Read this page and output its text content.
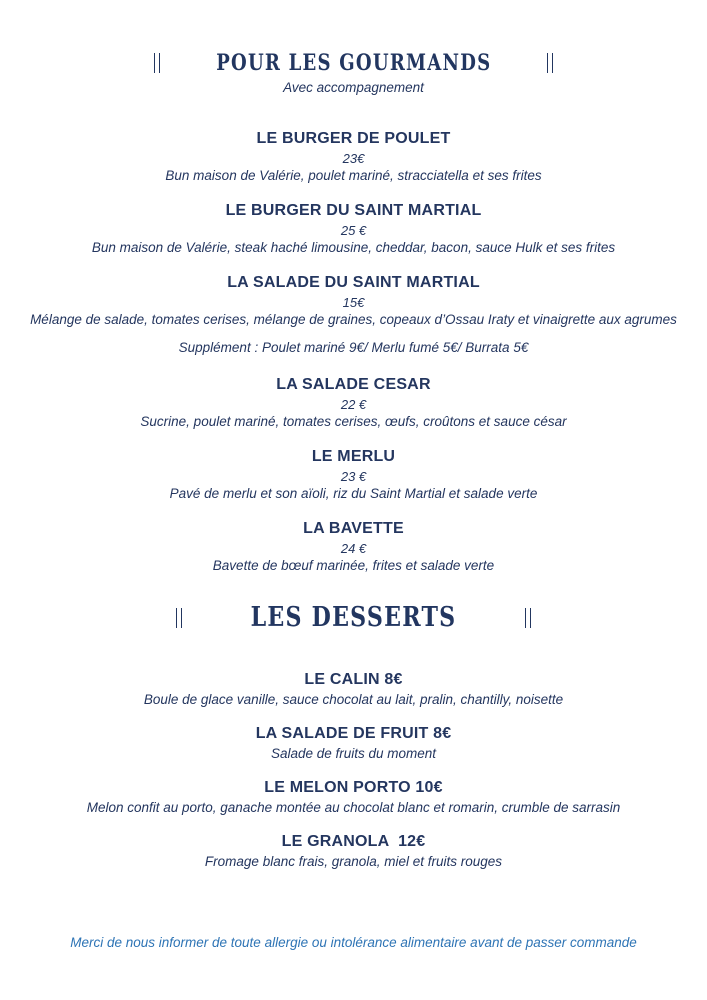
POUR LES GOURMANDS
Avec accompagnement
LE BURGER DE POULET
23€
Bun maison de Valérie, poulet mariné, stracciatella et ses frites
LE BURGER DU SAINT MARTIAL
25 €
Bun maison de Valérie, steak haché limousine, cheddar, bacon, sauce Hulk et ses frites
LA SALADE DU SAINT MARTIAL
15€
Mélange de salade, tomates cerises, mélange de graines, copeaux d’Ossau Iraty et vinaigrette aux agrumes
Supplément : Poulet mariné 9€/ Merlu fumé 5€/ Burrata 5€
LA SALADE CESAR
22 €
Sucrine, poulet mariné, tomates cerises, œufs, croûtons et sauce césar
LE MERLU
23 €
Pavé de merlu et son aïoli, riz du Saint Martial et salade verte
LA BAVETTE
24 €
Bavette de bœuf marinée, frites et salade verte
LES DESSERTS
LE CALIN 8€
Boule de glace vanille, sauce chocolat au lait, pralin, chantilly, noisette
LA SALADE DE FRUIT 8€
Salade de fruits du moment
LE MELON PORTO 10€
Melon confit au porto, ganache montée au chocolat blanc et romarin, crumble de sarrasin
LE GRANOLA  12€
Fromage blanc frais, granola, miel et fruits rouges
Merci de nous informer de toute allergie ou intolérance alimentaire avant de passer commande
